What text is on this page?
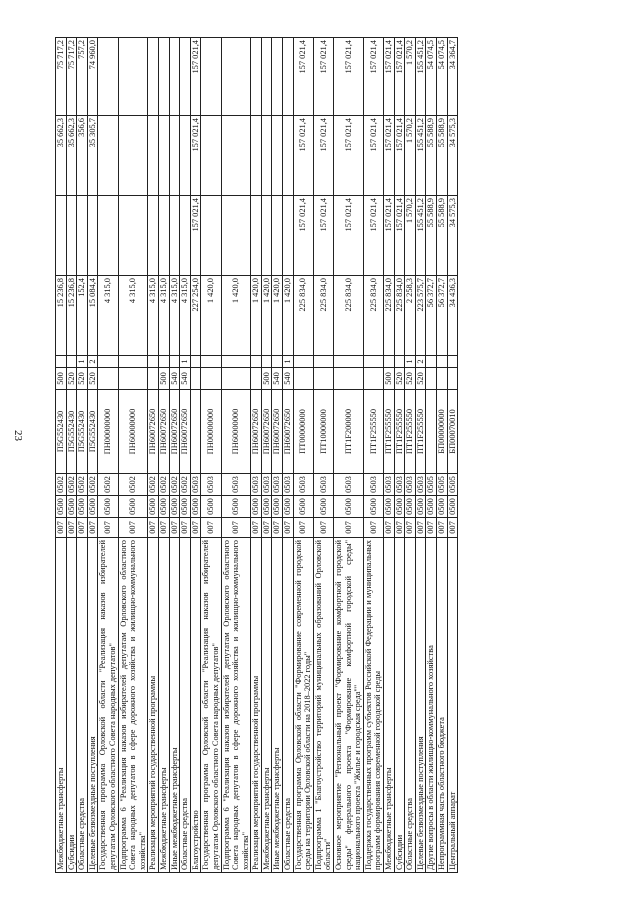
23
Межбюджетные трансферты	007	0500	0502	П5G552430	500		15 236,8		35 662,3	75 717,2
Субсидии	007	0500	0502	П5G552430	520		15 236,8		35 662,3	75 717,2
Областные средства	007	0500	0502	П5G552430	520	1	152,4		356,6	757,2
Целевые безвозмездные поступления	007	0500	0502	П5G552430	520	2	15 084,4		35 305,7	74 960,0
Государственная программа Орловской области "Реализация наказов избирателей депутатам Орловского областного Совета народных депутатов"	007	0500	0502	ПН00000000			4 315,0			
Подпрограмма 6 "Реализация наказов избирателей депутатам Орловского областного Совета народных депутатов в сфере дорожного хозяйства и жилищно-коммунального хозяйства"	007	0500	0502	ПН60000000			4 315,0			
Реализация мероприятий государственной программы	007	0500	0502	ПН60072650			4 315,0			
Межбюджетные трансферты	007	0500	0502	ПН60072650	500		4 315,0			
Иные межбюджетные трансферты	007	0500	0502	ПН60072650	540		4 315,0			
Областные средства	007	0500	0502	ПН60072650	540	1	4 315,0			
Благоустройство	007	0500	0503				227 254,0	157 021,4	157 021,4	157 021,4
Государственная программа Орловской области "Реализация наказов избирателей депутатам Орловского областного Совета народных депутатов"	007	0500	0503	ПН00000000			1 420,0			
Подпрограмма 6 "Реализация наказов избирателей депутатам Орловского областного Совета народных депутатов в сфере дорожного хозяйства и жилищно-коммунального хозяйства"	007	0500	0503	ПН60000000			1 420,0			
Реализация мероприятий государственной программы	007	0500	0503	ПН60072650			1 420,0			
Межбюджетные трансферты	007	0500	0503	ПН60072650	500		1 420,0			
Иные межбюджетные трансферты	007	0500	0503	ПН60072650	540		1 420,0			
Областные средства	007	0500	0503	ПН60072650	540	1	1 420,0			
Государственная программа Орловской области "Формирование современной городской среды на территории Орловской области на 2018–2022 годы"	007	0500	0503	ПТ00000000			225 834,0	157 021,4	157 021,4	157 021,4
Подпрограмма 1 "Благоустройство территорий муниципальных образований Орловской области"	007	0500	0503	ПТ10000000			225 834,0	157 021,4	157 021,4	157 021,4
Основное мероприятие "Региональный проект "Формирование комфортной городской среды" федерального проекта "Формирование комфортной городской среды" национального проекта "Жилье и городская среда""	007	0500	0503	ПТ1F200000			225 834,0	157 021,4	157 021,4	157 021,4
Поддержка государственных программ субъектов Российской Федерации и муниципальных программ формирования современной городской среды	007	0500	0503	ПТ1F255550			225 834,0	157 021,4	157 021,4	157 021,4
Межбюджетные трансферты	007	0500	0503	ПТ1F255550	500		225 834,0	157 021,4	157 021,4	157 021,4
Субсидии	007	0500	0503	ПТ1F255550	520		225 834,0	157 021,4	157 021,4	157 021,4
Областные средства	007	0500	0503	ПТ1F255550	520	1	2 258,3	1 570,2	1 570,2	1 570,2
Целевые безвозмездные поступления	007	0500	0503	ПТ1F255550	520	2	223 575,7	155 451,2	155 451,2	155 451,2
Другие вопросы в области жилищно-коммунального хозяйства	007	0500	0505				56 372,7	55 588,9	55 588,9	54 074,5
Непрограммная часть областного бюджета	007	0500	0505	БП00000000			56 372,7	55 588,9	55 588,9	54 074,5
Центральный аппарат	007	0500	0505	БП00070010			34 436,3	34 575,3	34 575,3	34 364,7
